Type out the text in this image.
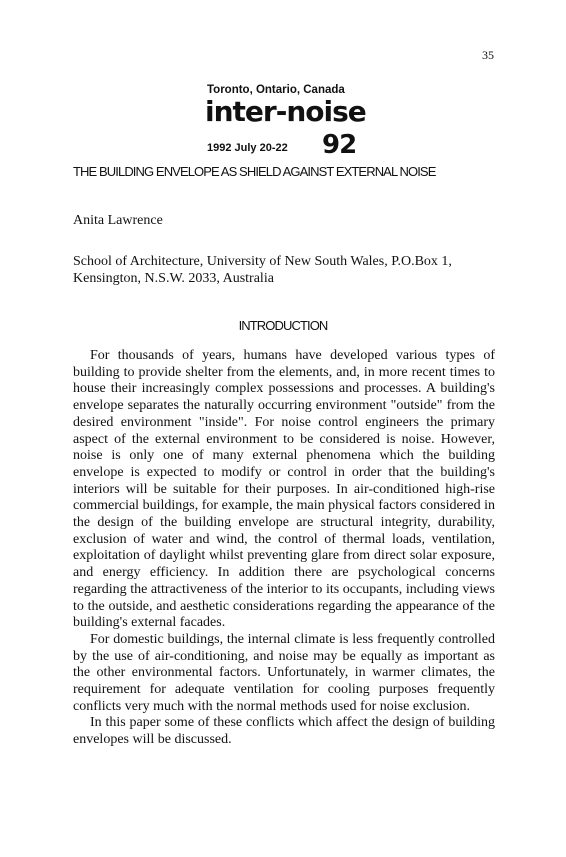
35
Toronto, Ontario, Canada
inter-noise
1992 July 20-22 92
THE BUILDING ENVELOPE AS SHIELD AGAINST EXTERNAL NOISE
Anita Lawrence
School of Architecture, University of New South Wales, P.O.Box 1, Kensington, N.S.W. 2033, Australia
INTRODUCTION

For thousands of years, humans have developed various types of building to provide shelter from the elements, and, in more recent times to house their increasingly complex possessions and processes. A building's envelope separates the naturally occurring environment "outside" from the desired environment "inside". For noise control engineers the primary aspect of the external environment to be considered is noise. However, noise is only one of many external phenomena which the building envelope is expected to modify or control in order that the building's interiors will be suitable for their purposes. In air-conditioned high-rise commercial buildings, for example, the main physical factors considered in the design of the building envelope are structural integrity, durability, exclusion of water and wind, the control of thermal loads, ventilation, exploitation of daylight whilst preventing glare from direct solar exposure, and energy efficiency. In addition there are psychological concerns regarding the attractiveness of the interior to its occupants, including views to the outside, and aesthetic considerations regarding the appearance of the building's external facades.

For domestic buildings, the internal climate is less frequently controlled by the use of air-conditioning, and noise may be equally as important as the other environmental factors. Unfortunately, in warmer climates, the requirement for adequate ventilation for cooling purposes frequently conflicts very much with the normal methods used for noise exclusion.

In this paper some of these conflicts which affect the design of building envelopes will be discussed.
